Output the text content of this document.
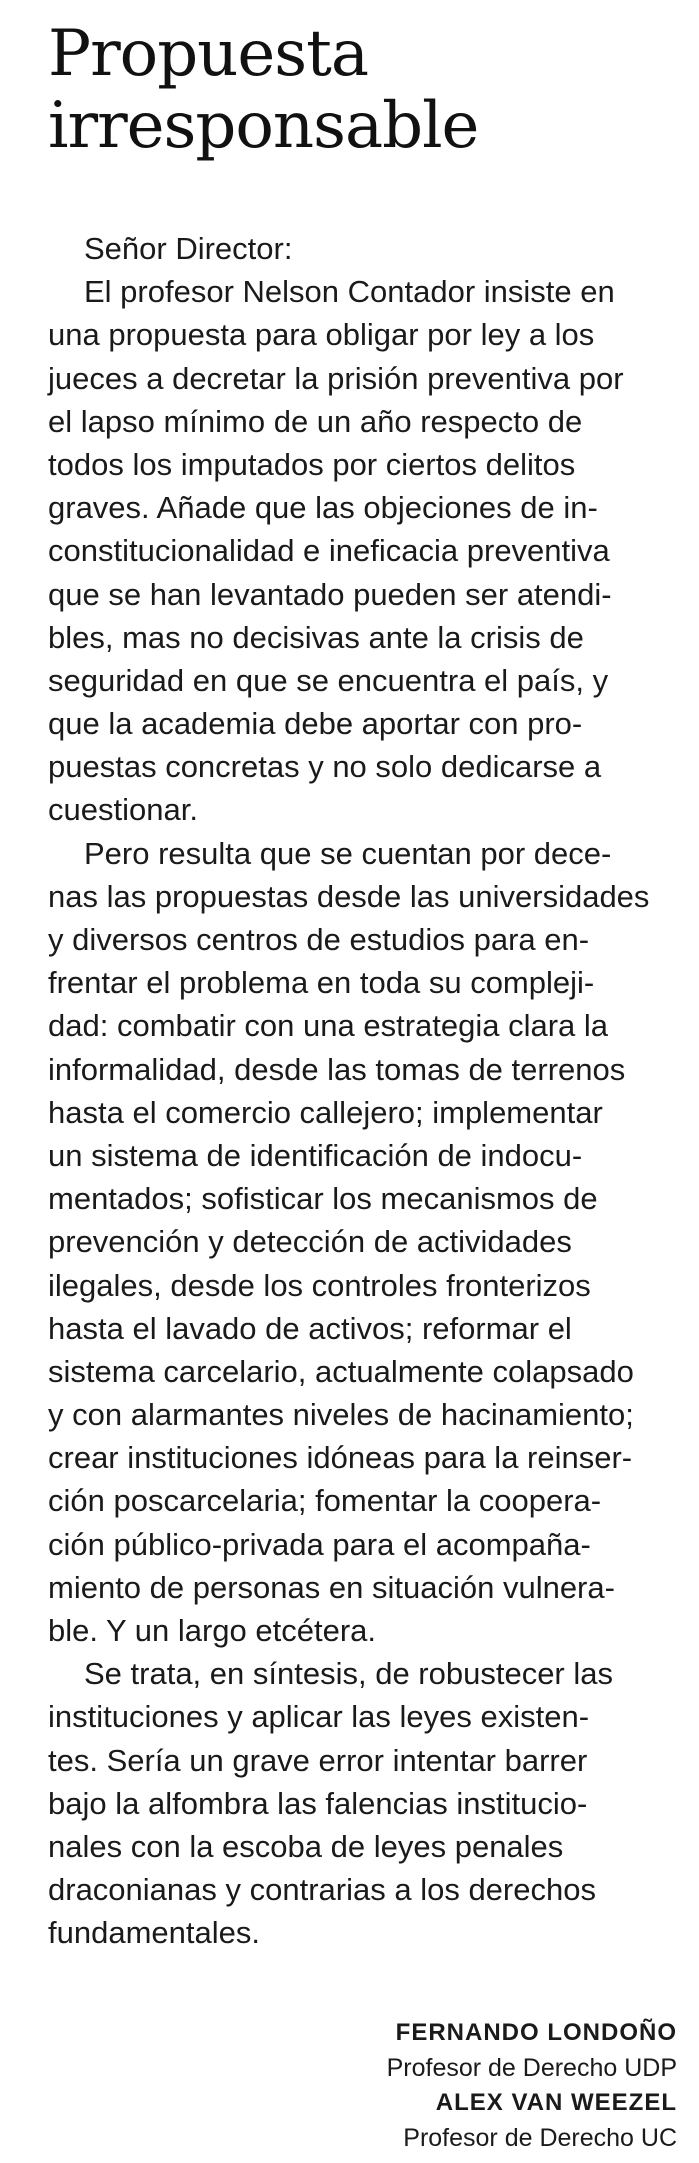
Propuesta
irresponsable

Señor Director:

El profesor Nelson Contador insiste en
una propuesta para obligar por ley a los
jueces a decretar la prisión preventiva por
el lapso mínimo de un año respecto de
todos los imputados por ciertos delitos
graves. Añade que las objeciones de in-
constitucionalidad e ineficacia preventiva
que se han levantado pueden ser atendi-
bles, mas no decisivas ante la crisis de
seguridad en que se encuentra el país, y
que la academia debe aportar con pro-
puestas concretas y no solo dedicarse a
cuestionar.

Pero resulta que se cuentan por dece-
nas las propuestas desde las universidades
y diversos centros de estudios para en-
frentar el problema en toda su compleji-
dad: combatir con una estrategia clara la
informalidad, desde las tomas de terrenos
hasta el comercio callejero; implementar
un sistema de identificación de indocu-
mentados; sofisticar los mecanismos de
prevención y detección de actividades
ilegales, desde los controles fronterizos
hasta el lavado de activos; reformar el
sistema carcelario, actualmente colapsado
y con alarmantes niveles de hacinamiento;
crear instituciones idóneas para la reinser-
ción poscarcelaria; fomentar la coopera-
ción público-privada para el acompaña-
miento de personas en situación vulnera-
ble. Y un largo etcétera.

Se trata, en síntesis, de robustecer las
instituciones y aplicar las leyes existen-
tes. Sería un grave error intentar barrer
bajo la alfombra las falencias institucio-
nales con la escoba de leyes penales
draconianas y contrarias a los derechos
fundamentales.

FERNANDO LONDOÑO
Profesor de Derecho UDP
ALEX VAN WEEZEL
Profesor de Derecho UC
